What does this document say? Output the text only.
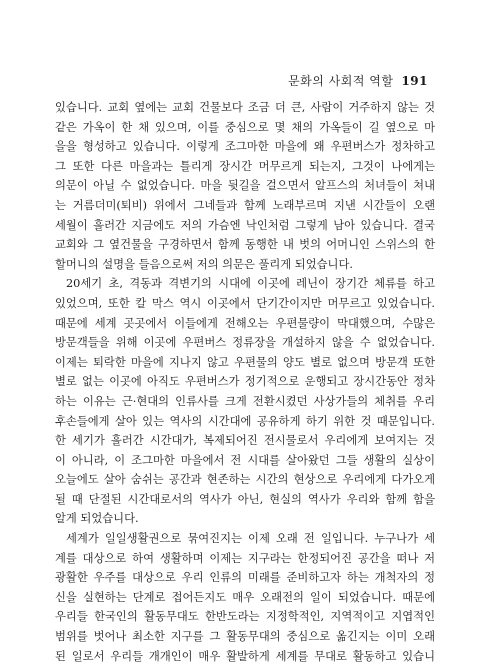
문화의 사회적 역할 191
있습니다. 교회 옆에는 교회 건물보다 조금 더 큰, 사람이 거주하지 않는 것
같은 가옥이 한 채 있으며, 이를 중심으로 몇 채의 가옥들이 길 옆으로 마
을을 형성하고 있습니다. 이렇게 조그마한 마을에 왜 우편버스가 정차하고
그 또한 다른 마을과는 틀리게 장시간 머무르게 되는지, 그것이 나에게는
의문이 아닐 수 없었습니다. 마을 뒷길을 걸으면서 알프스의 처녀들이 쳐내
는 거름더미(퇴비) 위에서 그네들과 함께 노래부르며 지낸 시간들이 오랜
세월이 흘러간 지금에도 저의 가슴엔 낙인처럼 그렇게 남아 있습니다. 결국
교회와 그 옆건물을 구경하면서 함께 동행한 내 벗의 어머니인 스위스의 한
할머니의 설명을 들음으로써 저의 의문은 풀리게 되었습니다.
20세기 초, 격동과 격변기의 시대에 이곳에 레닌이 장기간 체류를 하고
있었으며, 또한 칼 막스 역시 이곳에서 단기간이지만 머무르고 있었습니다.
때문에 세계 곳곳에서 이들에게 전해오는 우편물량이 막대했으며, 수많은
방문객들을 위해 이곳에 우편버스 정류장을 개설하지 않을 수 없었습니다.
이제는 퇴락한 마을에 지나지 않고 우편물의 양도 별로 없으며 방문객 또한
별로 없는 이곳에 아직도 우편버스가 정기적으로 운행되고 장시간동안 정차
하는 이유는 근·현대의 인류사를 크게 전환시켰던 사상가들의 체취를 우리
후손들에게 살아 있는 역사의 시간대에 공유하게 하기 위한 것 때문입니다.
한 세기가 흘러간 시간대가, 복제되어진 전시물로서 우리에게 보여지는 것
이 아니라, 이 조그마한 마을에서 전 시대를 살아왔던 그들 생활의 실상이
오늘에도 살아 숨쉬는 공간과 현존하는 시간의 현상으로 우리에게 다가오게
될 때 단절된 시간대로서의 역사가 아닌, 현실의 역사가 우리와 함께 함을
알게 되었습니다.
세계가 일일생활권으로 묶여진지는 이제 오래 전 일입니다. 누구나가 세
계를 대상으로 하여 생활하며 이제는 지구라는 한정되어진 공간을 떠나 저
광활한 우주를 대상으로 우리 인류의 미래를 준비하고자 하는 개척자의 정
신을 실현하는 단계로 접어든지도 매우 오래전의 일이 되었습니다. 때문에
우리들 한국인의 활동무대도 한반도라는 지정학적인, 지역적이고 지엽적인
범위를 벗어나 최소한 지구를 그 활동무대의 중심으로 옮긴지는 이미 오래
된 일로서 우리들 개개인이 매우 활발하게 세계를 무대로 활동하고 있습니
